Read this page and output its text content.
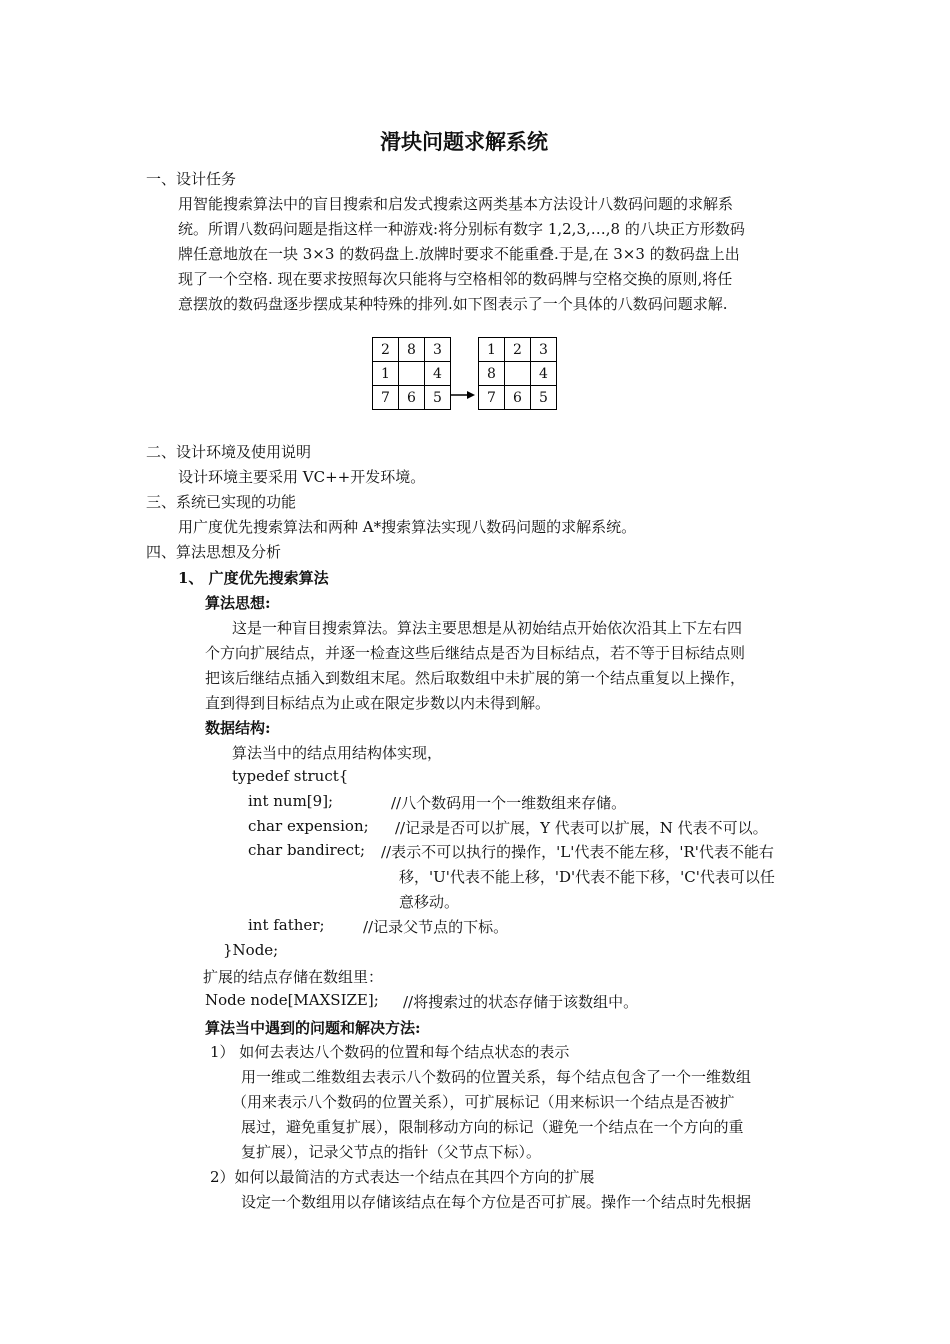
滑块问题求解系统
一、设计任务
用智能搜索算法中的盲目搜索和启发式搜索这两类基本方法设计八数码问题的求解系
统。所谓八数码问题是指这样一种游戏:将分别标有数字 1,2,3,…,8 的八块正方形数码
牌任意地放在一块 3×3 的数码盘上.放牌时要求不能重叠.于是,在 3×3 的数码盘上出
现了一个空格. 现在要求按照每次只能将与空格相邻的数码牌与空格交换的原则,将任
意摆放的数码盘逐步摆成某种特殊的排列.如下图表示了一个具体的八数码问题求解.
2	8	3
1		4
7	6	5
1	2	3
8		4
7	6	5
二、设计环境及使用说明
设计环境主要采用 VC++开发环境。
三、系统已实现的功能
用广度优先搜索算法和两种 A*搜索算法实现八数码问题的求解系统。
四、算法思想及分析
1、 广度优先搜索算法
算法思想:
这是一种盲目搜索算法。算法主要思想是从初始结点开始依次沿其上下左右四
个方向扩展结点，并逐一检查这些后继结点是否为目标结点，若不等于目标结点则
把该后继结点插入到数组末尾。然后取数组中未扩展的第一个结点重复以上操作，
直到得到目标结点为止或在限定步数以内未得到解。
数据结构:
算法当中的结点用结构体实现，
typedef struct{
int num[9];	//八个数码用一个一维数组来存储。
char expension; //记录是否可以扩展，Y 代表可以扩展，N 代表不可以。
char bandirect; //表示不可以执行的操作，'L'代表不能左移，'R'代表不能右
移，'U'代表不能上移，'D'代表不能下移，'C'代表可以任
意移动。
int father;	//记录父节点的下标。
}Node;
扩展的结点存储在数组里：
Node node[MAXSIZE]; //将搜索过的状态存储于该数组中。
算法当中遇到的问题和解决方法:
1） 如何去表达八个数码的位置和每个结点状态的表示
用一维或二维数组去表示八个数码的位置关系，每个结点包含了一个一维数组
（用来表示八个数码的位置关系），可扩展标记（用来标识一个结点是否被扩
展过，避免重复扩展），限制移动方向的标记（避免一个结点在一个方向的重
复扩展），记录父节点的指针（父节点下标）。
2）如何以最简洁的方式表达一个结点在其四个方向的扩展
设定一个数组用以存储该结点在每个方位是否可扩展。操作一个结点时先根据
